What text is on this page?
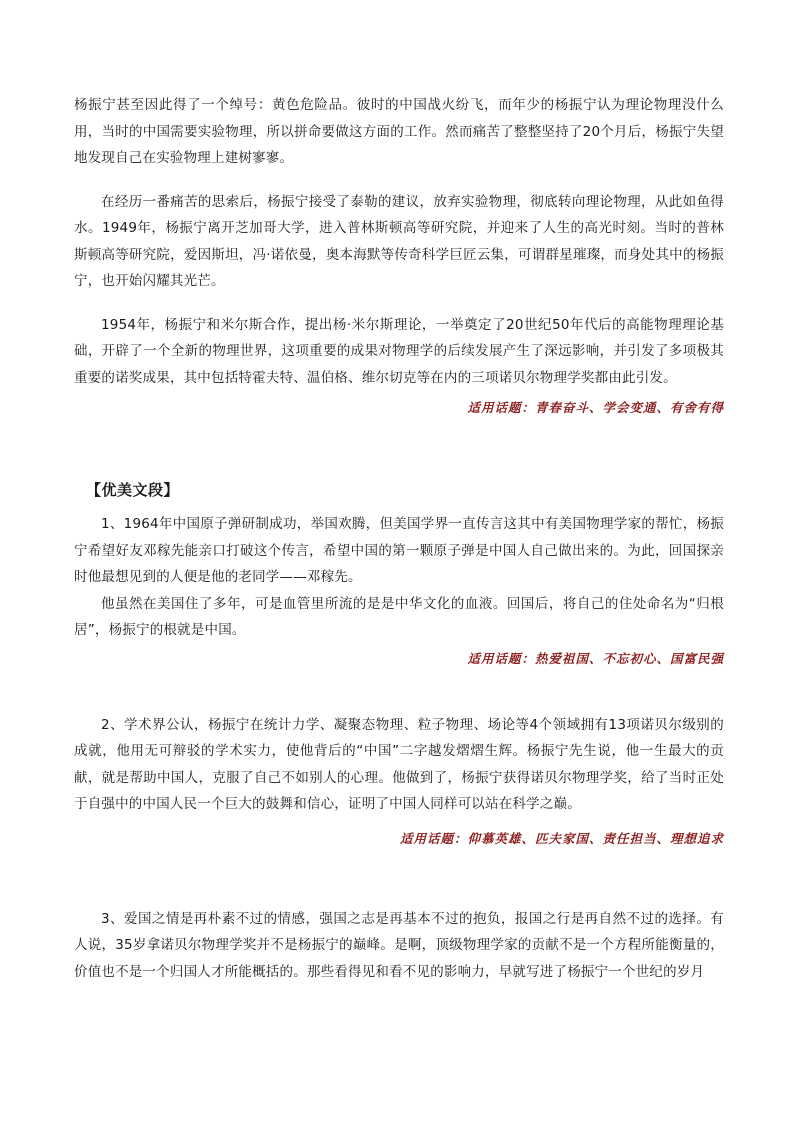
杨振宁甚至因此得了一个绰号：黄色危险品。彼时的中国战火纷飞，而年少的杨振宁认为理论物理没什么用，当时的中国需要实验物理，所以拼命要做这方面的工作。然而痛苦了整整坚持了20个月后，杨振宁失望地发现自己在实验物理上建树寥寥。

在经历一番痛苦的思索后，杨振宁接受了泰勒的建议，放弃实验物理，彻底转向理论物理，从此如鱼得水。1949年，杨振宁离开芝加哥大学，进入普林斯顿高等研究院，并迎来了人生的高光时刻。当时的普林斯顿高等研究院，爱因斯坦，冯·诺依曼，奥本海默等传奇科学巨匠云集，可谓群星璀璨，而身处其中的杨振宁，也开始闪耀其光芒。

1954年，杨振宁和米尔斯合作，提出杨·米尔斯理论，一举奠定了20世纪50年代后的高能物理理论基础，开辟了一个全新的物理世界，这项重要的成果对物理学的后续发展产生了深远影响，并引发了多项极其重要的诺奖成果，其中包括特霍夫特、温伯格、维尔切克等在内的三项诺贝尔物理学奖都由此引发。

适用话题：青春奋斗、学会变通、有舍有得

【优美文段】

1、1964年中国原子弹研制成功，举国欢腾，但美国学界一直传言这其中有美国物理学家的帮忙，杨振宁希望好友邓稼先能亲口打破这个传言，希望中国的第一颗原子弹是中国人自己做出来的。为此，回国探亲时他最想见到的人便是他的老同学——邓稼先。

他虽然在美国住了多年，可是血管里所流的是是中华文化的血液。回国后，将自己的住处命名为“归根居”，杨振宁的根就是中国。

适用话题：热爱祖国、不忘初心、国富民强

2、学术界公认，杨振宁在统计力学、凝聚态物理、粒子物理、场论等4个领域拥有13项诺贝尔级别的成就，他用无可辩驳的学术实力，使他背后的“中国”二字越发熠熠生辉。杨振宁先生说，他一生最大的贡献，就是帮助中国人，克服了自己不如别人的心理。他做到了，杨振宁获得诺贝尔物理学奖，给了当时正处于自强中的中国人民一个巨大的鼓舞和信心，证明了中国人同样可以站在科学之巅。

适用话题：仰慕英雄、匹夫家国、责任担当、理想追求

3、爱国之情是再朴素不过的情感，强国之志是再基本不过的抱负，报国之行是再自然不过的选择。有人说，35岁拿诺贝尔物理学奖并不是杨振宁的巅峰。是啊，顶级物理学家的贡献不是一个方程所能衡量的，价值也不是一个归国人才所能概括的。那些看得见和看不见的影响力，早就写进了杨振宁一个世纪的岁月
